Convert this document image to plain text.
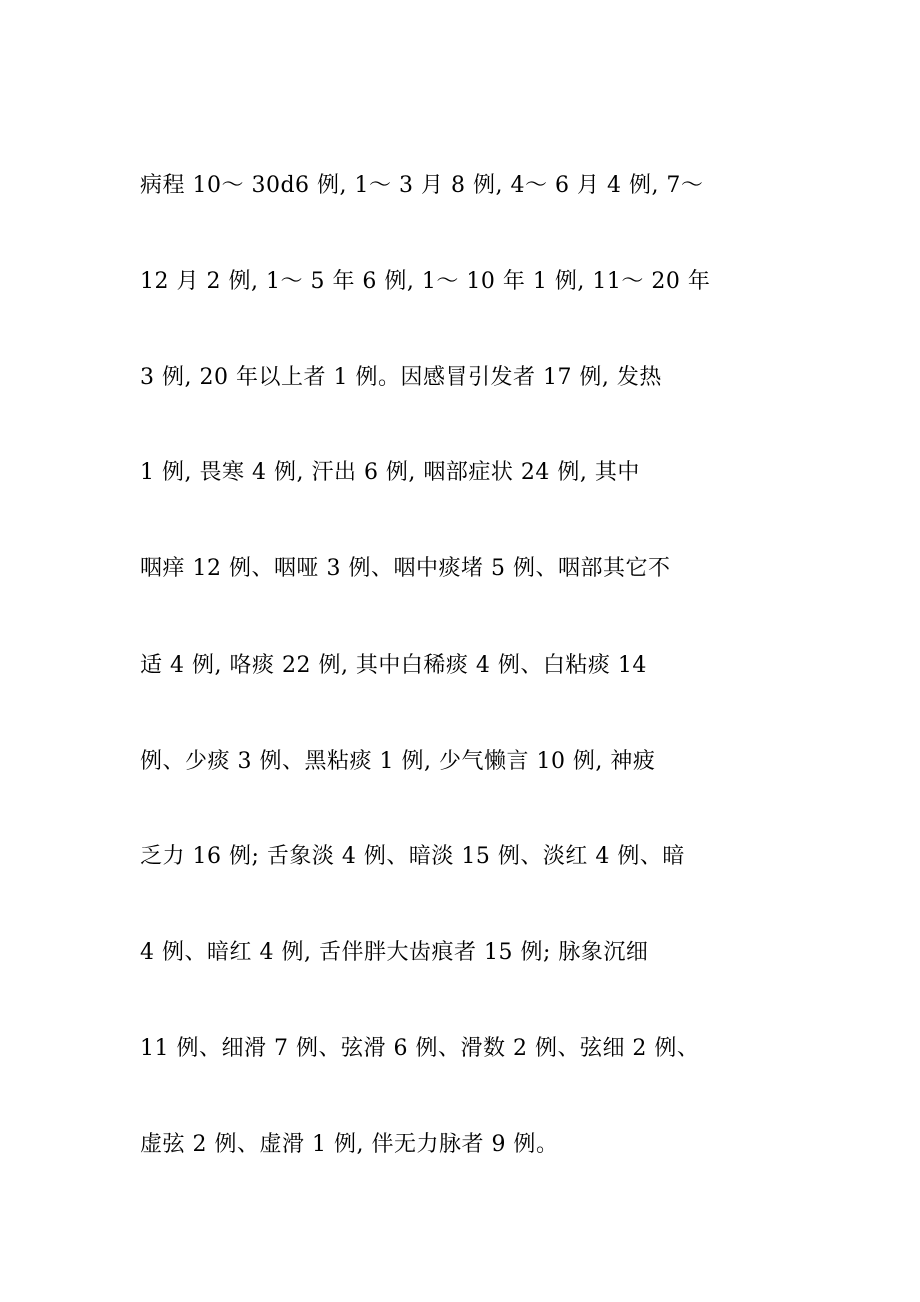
病程 10～ 30d6 例, 1～ 3 月 8 例, 4～ 6 月 4 例, 7～
12 月 2 例, 1～ 5 年 6 例, 1～ 10 年 1 例, 11～ 20 年
3 例, 20 年以上者 1 例。因感冒引发者 17 例, 发热
1 例, 畏寒 4 例, 汗出 6 例, 咽部症状 24 例, 其中
咽痒 12 例、咽哑 3 例、咽中痰堵 5 例、咽部其它不
适 4 例, 咯痰 22 例, 其中白稀痰 4 例、白粘痰 14
例、少痰 3 例、黑粘痰 1 例, 少气懒言 10 例, 神疲
乏力 16 例; 舌象淡 4 例、暗淡 15 例、淡红 4 例、暗
4 例、暗红 4 例, 舌伴胖大齿痕者 15 例; 脉象沉细
11 例、细滑 7 例、弦滑 6 例、滑数 2 例、弦细 2 例、
虚弦 2 例、虚滑 1 例, 伴无力脉者 9 例。
